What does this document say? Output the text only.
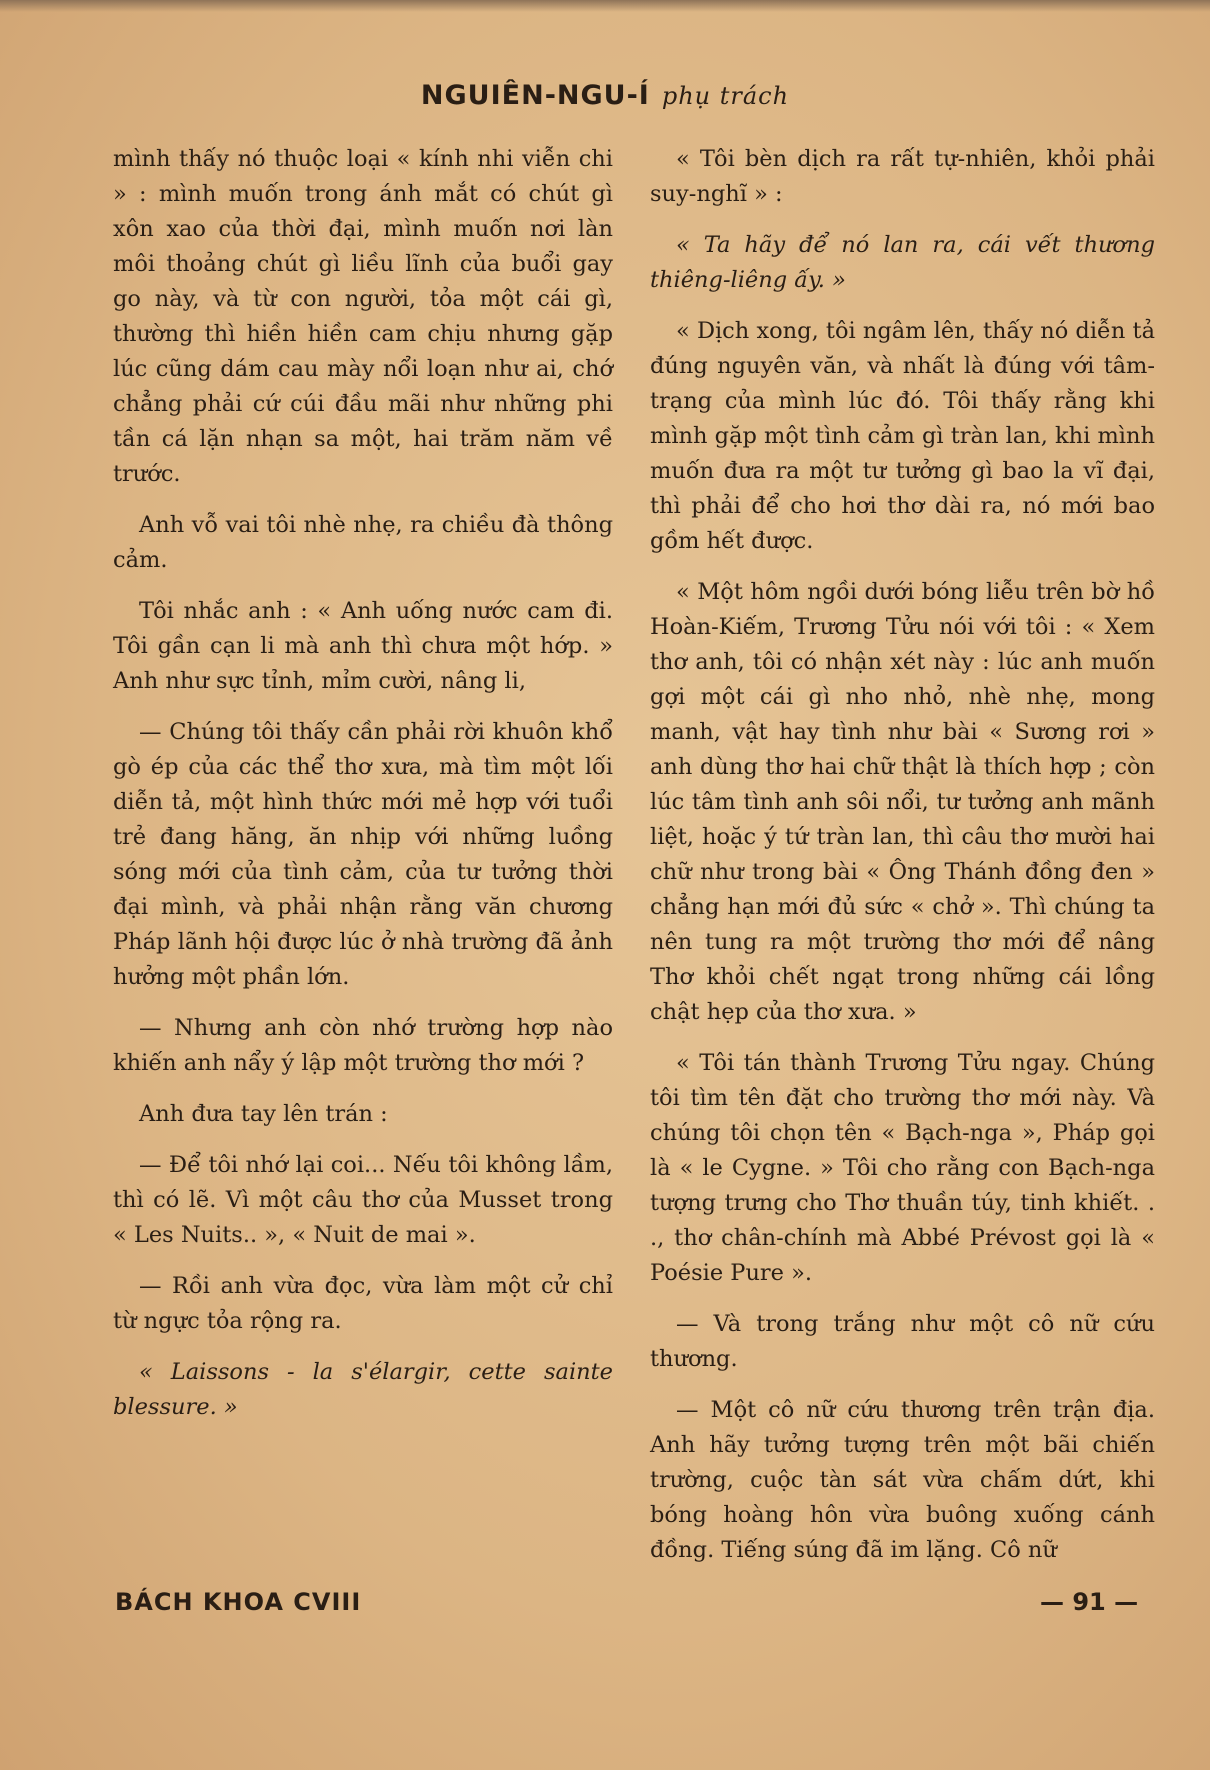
NGUIÊN-NGU-Í phụ trách

mình thấy nó thuộc loại « kính nhi viễn chi » : mình muốn trong ánh mắt có chút gì xôn xao của thời đại, mình muốn nơi làn môi thoảng chút gì liều lĩnh của buổi gay go này, và từ con người, tỏa một cái gì, thường thì hiền hiền cam chịu nhưng gặp lúc cũng dám cau mày nổi loạn như ai, chớ chẳng phải cứ cúi đầu mãi như những phi tần cá lặn nhạn sa một, hai trăm năm về trước.

Anh vỗ vai tôi nhè nhẹ, ra chiều đà thông cảm.

Tôi nhắc anh : « Anh uống nước cam đi. Tôi gần cạn li mà anh thì chưa một hớp. » Anh như sực tỉnh, mỉm cười, nâng li,

— Chúng tôi thấy cần phải rời khuôn khổ gò ép của các thể thơ xưa, mà tìm một lối diễn tả, một hình thức mới mẻ hợp với tuổi trẻ đang hăng, ăn nhịp với những luồng sóng mới của tình cảm, của tư tưởng thời đại mình, và phải nhận rằng văn chương Pháp lãnh hội được lúc ở nhà trường đã ảnh hưởng một phần lớn.

— Nhưng anh còn nhớ trường hợp nào khiến anh nẩy ý lập một trường thơ mới ?

Anh đưa tay lên trán :

— Để tôi nhớ lại coi... Nếu tôi không lầm, thì có lẽ. Vì một câu thơ của Musset trong « Les Nuits.. », « Nuit de mai ».

— Rồi anh vừa đọc, vừa làm một cử chỉ từ ngực tỏa rộng ra.

« Laissons - la s'élargir, cette sainte blessure. »

« Tôi bèn dịch ra rất tự-nhiên, khỏi phải suy-nghĩ » :

« Ta hãy để nó lan ra, cái vết thương thiêng-liêng ấy. »

« Dịch xong, tôi ngâm lên, thấy nó diễn tả đúng nguyên văn, và nhất là đúng với tâm-trạng của mình lúc đó. Tôi thấy rằng khi mình gặp một tình cảm gì tràn lan, khi mình muốn đưa ra một tư tưởng gì bao la vĩ đại, thì phải để cho hơi thơ dài ra, nó mới bao gồm hết được.

« Một hôm ngồi dưới bóng liễu trên bờ hồ Hoàn-Kiếm, Trương Tửu nói với tôi : « Xem thơ anh, tôi có nhận xét này : lúc anh muốn gợi một cái gì nho nhỏ, nhè nhẹ, mong manh, vật hay tình như bài « Sương rơi » anh dùng thơ hai chữ thật là thích hợp ; còn lúc tâm tình anh sôi nổi, tư tưởng anh mãnh liệt, hoặc ý tứ tràn lan, thì câu thơ mười hai chữ như trong bài « Ông Thánh đồng đen » chẳng hạn mới đủ sức « chở ». Thì chúng ta nên tung ra một trường thơ mới để nâng Thơ khỏi chết ngạt trong những cái lồng chật hẹp của thơ xưa. »

« Tôi tán thành Trương Tửu ngay. Chúng tôi tìm tên đặt cho trường thơ mới này. Và chúng tôi chọn tên « Bạch-nga », Pháp gọi là « le Cygne. » Tôi cho rằng con Bạch-nga tượng trưng cho Thơ thuần túy, tinh khiết. . ., thơ chân-chính mà Abbé Prévost gọi là « Poésie Pure ».

— Và trong trắng như một cô nữ cứu thương.

— Một cô nữ cứu thương trên trận địa. Anh hãy tưởng tượng trên một bãi chiến trường, cuộc tàn sát vừa chấm dứt, khi bóng hoàng hôn vừa buông xuống cánh đồng. Tiếng súng đã im lặng. Cô nữ

BÁCH KHOA CVIII	— 91 —
